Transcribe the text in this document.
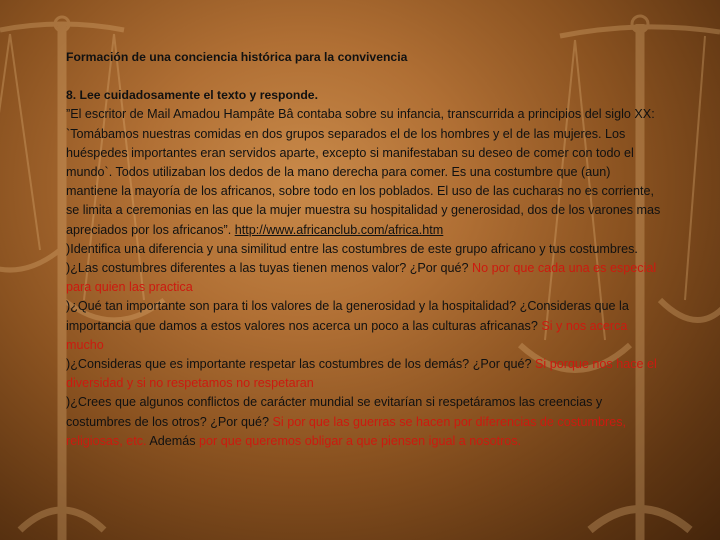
Formación de una conciencia histórica para la convivencia
8. Lee cuidadosamente el texto y responde.

”El escritor de Mail Amadou Hampâte Bâ contaba sobre su infancia, transcurrida a principios del siglo XX: `Tomábamos nuestras comidas en dos grupos separados el de los hombres y el de las mujeres. Los huéspedes importantes eran servidos aparte, excepto si manifestaban su deseo de comer con todo el mundo`. Todos utilizaban los dedos de la mano derecha para comer. Es una costumbre que (aun) mantiene la mayoría de los africanos, sobre todo en los poblados. El uso de las cucharas no es corriente, se limita a ceremonias en las que la mujer muestra su hospitalidad y generosidad, dos de los varones mas apreciados por los africanos”. http://www.africanclub.com/africa.htm

)Identifica una diferencia y una similitud entre las costumbres de este grupo africano y tus costumbres.

)¿Las costumbres diferentes a las tuyas tienen menos valor? ¿Por qué? No por que cada una es especial para quien las practica

)¿Qué tan importante son para ti los valores de la generosidad y la hospitalidad? ¿Consideras que la importancia que damos a estos valores nos acerca un poco a las culturas africanas? Si y nos acerca mucho

)¿Consideras que es importante respetar las costumbres de los demás? ¿Por qué? Si porque nos hace el diversidad y si no respetamos no respetaran

)¿Crees que algunos conflictos de carácter mundial se evitarían si respetáramos las creencias y costumbres de los otros? ¿Por qué? Si por que las guerras se hacen por diferencias de costumbres, religiosas, etc. Además por que queremos obligar a que piensen igual a nosotros.
